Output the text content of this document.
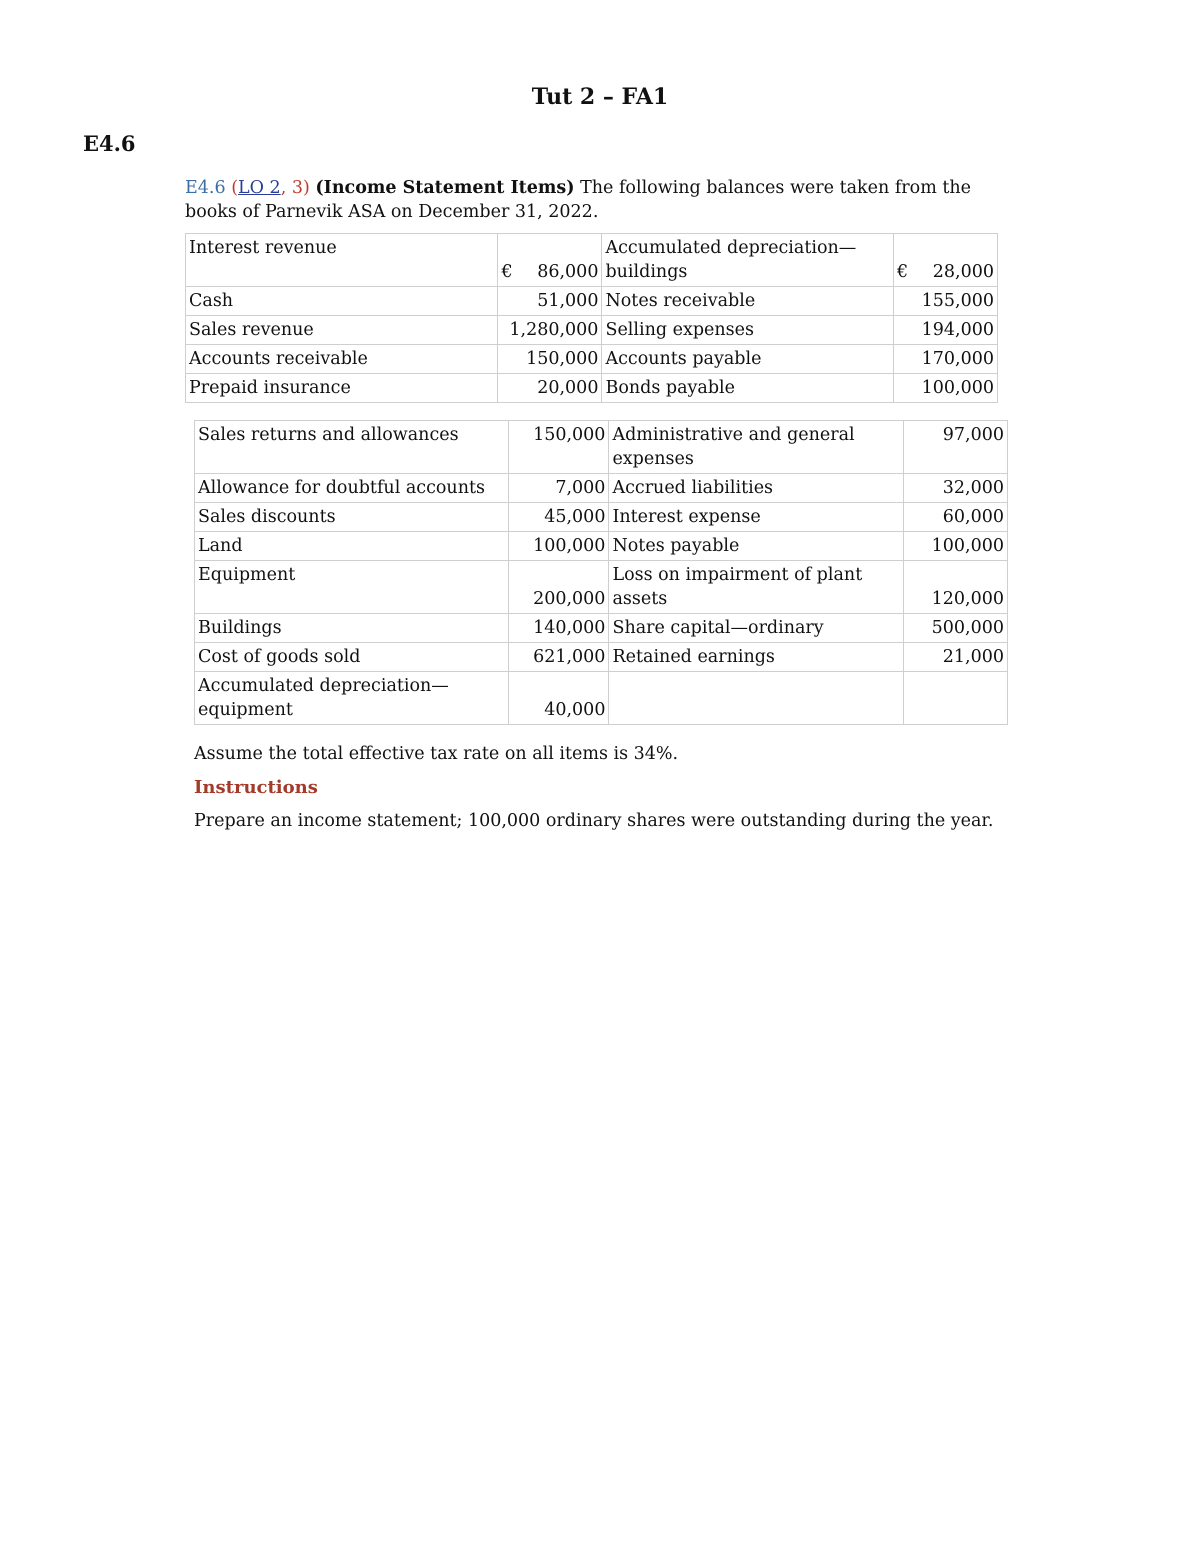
Tut 2 – FA1
E4.6
E4.6 (LO 2, 3) (Income Statement Items) The following balances were taken from the books of Parnevik ASA on December 31, 2022.
Interest revenue	€ 86,000	Accumulated depreciation—buildings	€ 28,000
Cash	51,000	Notes receivable	155,000
Sales revenue	1,280,000	Selling expenses	194,000
Accounts receivable	150,000	Accounts payable	170,000
Prepaid insurance	20,000	Bonds payable	100,000
Sales returns and allowances	150,000	Administrative and general expenses	97,000
Allowance for doubtful accounts	7,000	Accrued liabilities	32,000
Sales discounts	45,000	Interest expense	60,000
Land	100,000	Notes payable	100,000
Equipment	200,000	Loss on impairment of plant assets	120,000
Buildings	140,000	Share capital—ordinary	500,000
Cost of goods sold	621,000	Retained earnings	21,000
Accumulated depreciation—equipment	40,000		
Assume the total effective tax rate on all items is 34%.
Instructions
Prepare an income statement; 100,000 ordinary shares were outstanding during the year.
